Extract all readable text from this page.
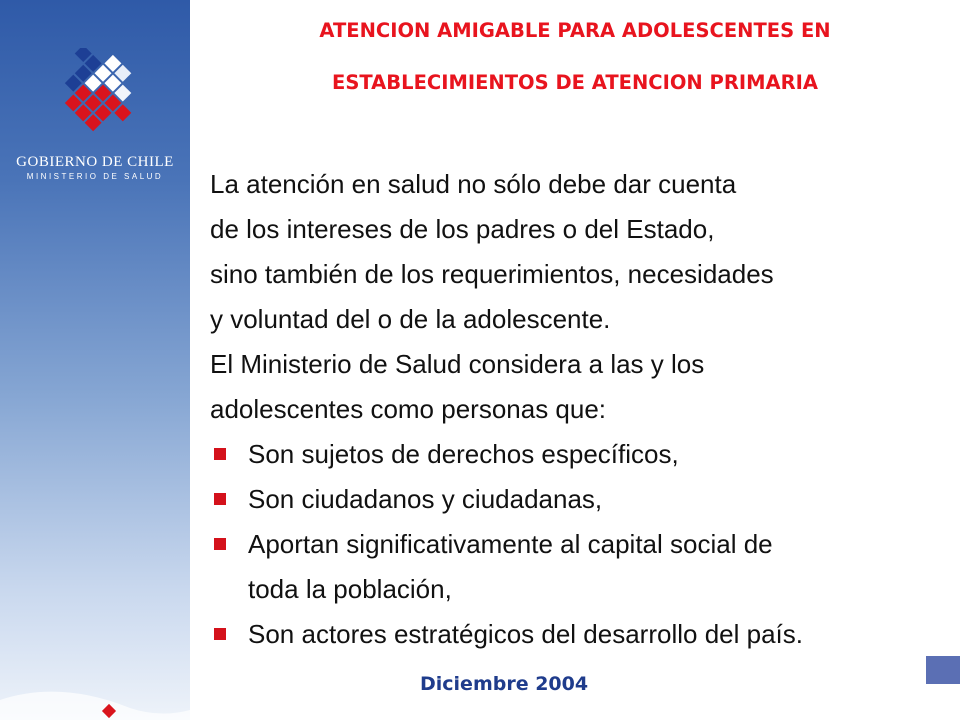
GOBIERNO DE CHILE
MINISTERIO DE SALUD
ATENCION AMIGABLE PARA ADOLESCENTES EN
ESTABLECIMIENTOS DE ATENCION PRIMARIA
La atención en salud no sólo debe dar cuenta
de los intereses de los padres o del Estado,
sino también de los requerimientos, necesidades
y voluntad del o de la adolescente.
El Ministerio de Salud considera a las y los
adolescentes como personas que:
Son sujetos de derechos específicos,
Son ciudadanos y ciudadanas,
Aportan significativamente al capital social de
toda la población,
Son actores estratégicos del desarrollo del país.
Diciembre 2004
